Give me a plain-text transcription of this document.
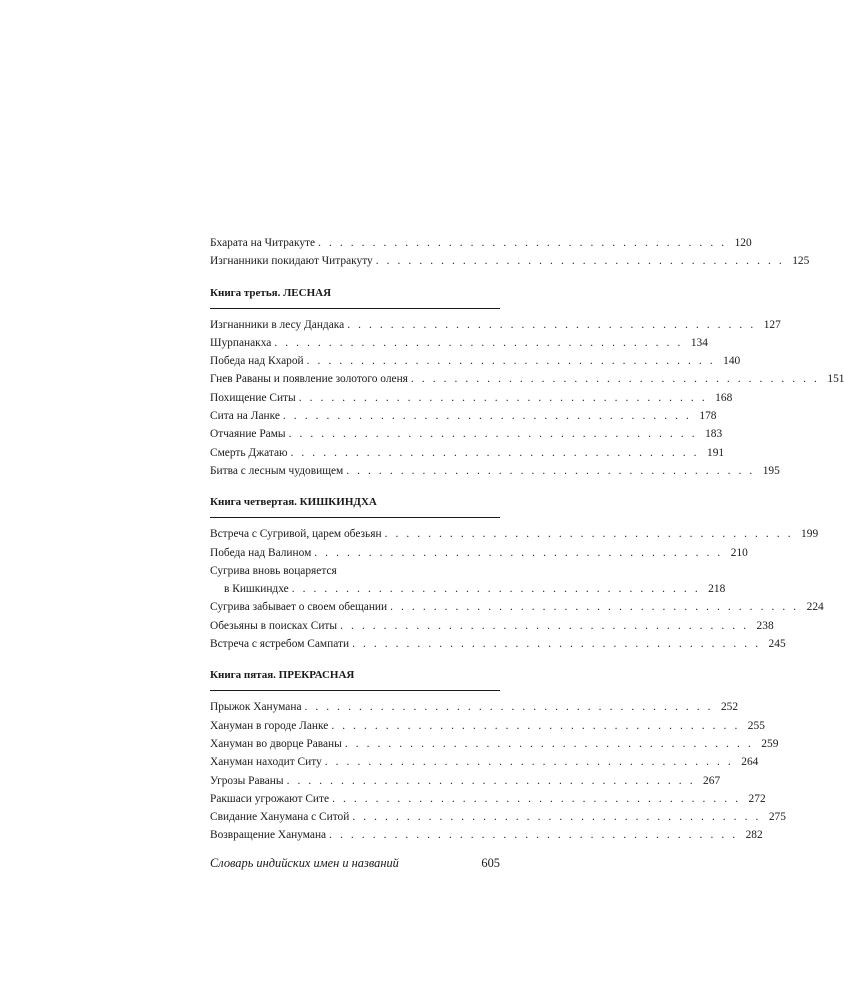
Бхарата на Читракуте . . . . . . . . . . . . . . . . . . . . . . . . . . . . . . . . . . . . . . 120
Изгнанники покидают Читракуту . . . . . . . . . . . . . . . . . . . . . . . . . . . . . . . . . . . . . . 125
Книга третья. ЛЕСНАЯ
Изгнанники в лесу Дандака . . . . . . . . . . . . . . . . . . . . . . . . . . . . . . . . . . . . . . 127
Шурпанакха . . . . . . . . . . . . . . . . . . . . . . . . . . . . . . . . . . . . . . 134
Победа над Кхарой . . . . . . . . . . . . . . . . . . . . . . . . . . . . . . . . . . . . . . 140
Гнев Раваны и появление золотого оленя . . . . . . . . . . . . . . . . . . . . . . . . . . . . . . . . . . . . . . 151
Похищение Ситы . . . . . . . . . . . . . . . . . . . . . . . . . . . . . . . . . . . . . . 168
Сита на Ланке . . . . . . . . . . . . . . . . . . . . . . . . . . . . . . . . . . . . . . 178
Отчаяние Рамы . . . . . . . . . . . . . . . . . . . . . . . . . . . . . . . . . . . . . . 183
Смерть Джатаю . . . . . . . . . . . . . . . . . . . . . . . . . . . . . . . . . . . . . . 191
Битва с лесным чудовищем . . . . . . . . . . . . . . . . . . . . . . . . . . . . . . . . . . . . . . 195
Книга четвертая. КИШКИНДХА
Встреча с Сугривой, царем обезьян . . . . . . . . . . . . . . . . . . . . . . . . . . . . . . . . . . . . . . 199
Победа над Валином . . . . . . . . . . . . . . . . . . . . . . . . . . . . . . . . . . . . . . 210
Сугрива вновь воцаряется
в Кишкиндхе . . . . . . . . . . . . . . . . . . . . . . . . . . . . . . . . . . . . . . 218
Сугрива забывает о своем обещании . . . . . . . . . . . . . . . . . . . . . . . . . . . . . . . . . . . . . . 224
Обезьяны в поисках Ситы . . . . . . . . . . . . . . . . . . . . . . . . . . . . . . . . . . . . . . 238
Встреча с ястребом Сампати . . . . . . . . . . . . . . . . . . . . . . . . . . . . . . . . . . . . . . 245
Книга пятая. ПРЕКРАСНАЯ
Прыжок Ханумана . . . . . . . . . . . . . . . . . . . . . . . . . . . . . . . . . . . . . . 252
Хануман в городе Ланке . . . . . . . . . . . . . . . . . . . . . . . . . . . . . . . . . . . . . . 255
Хануман во дворце Раваны . . . . . . . . . . . . . . . . . . . . . . . . . . . . . . . . . . . . . . 259
Хануман находит Ситу . . . . . . . . . . . . . . . . . . . . . . . . . . . . . . . . . . . . . . 264
Угрозы Раваны . . . . . . . . . . . . . . . . . . . . . . . . . . . . . . . . . . . . . . 267
Ракшаси угрожают Сите . . . . . . . . . . . . . . . . . . . . . . . . . . . . . . . . . . . . . . 272
Свидание Ханумана с Ситой . . . . . . . . . . . . . . . . . . . . . . . . . . . . . . . . . . . . . . 275
Возвращение Ханумана . . . . . . . . . . . . . . . . . . . . . . . . . . . . . . . . . . . . . . 282
Словарь индийских имен и названий	605
